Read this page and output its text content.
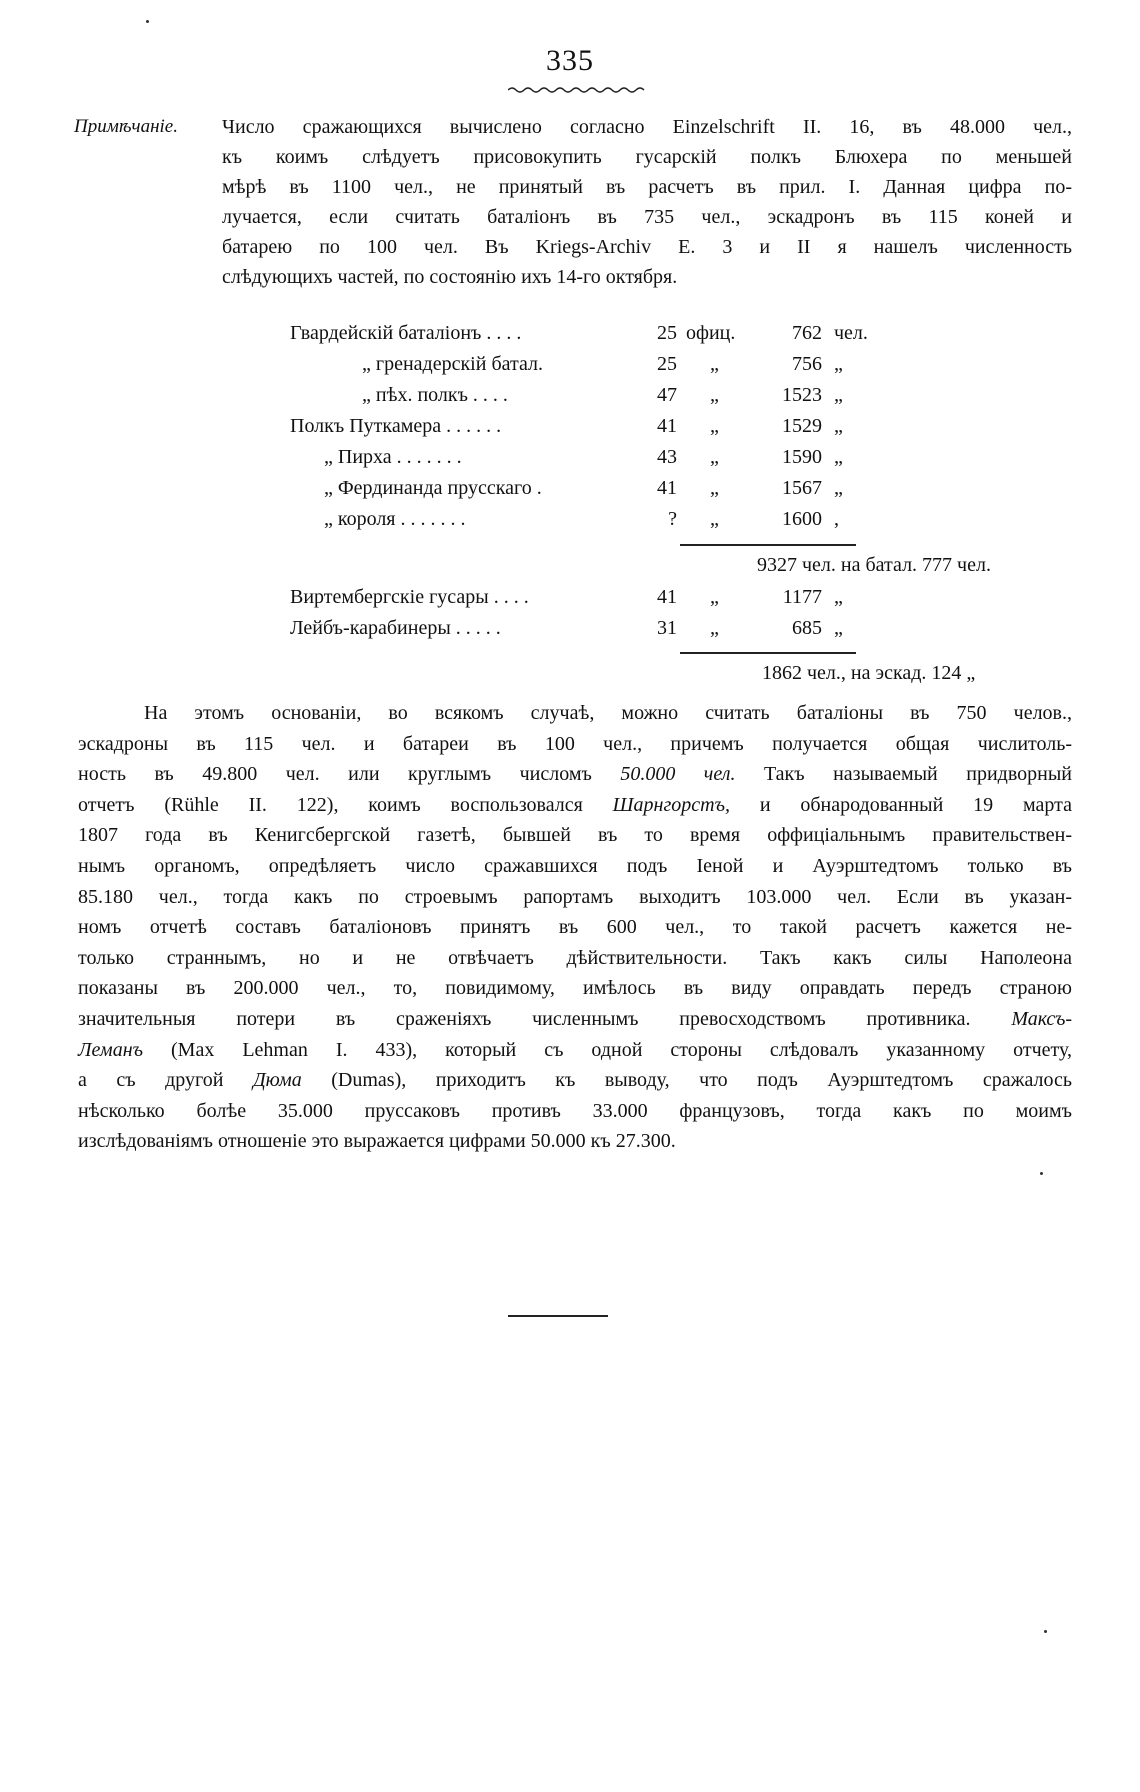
335
Примѣчаніе. Число сражающихся вычислено согласно Einzelschrift II. 16, въ 48.000 чел.,
къ коимъ слѣдуетъ присовокупить гусарскій полкъ Блюхера по меньшей
мѣрѣ въ 1100 чел., не принятый въ расчетъ въ прил. I. Данная цифра по-
лучается, если считать баталіонъ въ 735 чел., эскадронъ въ 115 коней и
батарею по 100 чел. Въ Kriegs-Archiv E. 3 и II я нашелъ численность
слѣдующихъ частей, по состоянію ихъ 14-го октября.
Гвардейскій баталіонъ . . . .	25 офиц.	762 чел.
„ гренадерскій батал.	25 „	756 „
„ пѣх. полкъ . . . .	47 „	1523 „
Полкъ Путкамера . . . . . .	41 „	1529 „
„ Пирха . . . . . . .	43 „	1590 „
„ Фердинанда прусскаго .	41 „	1567 „
„ короля . . . . . . .	? „	1600 ,
9327 чел. на батал. 777 чел.
Виртембергскіе гусары . . . .	41 „	1177 „
Лейбъ-карабинеры . . . . .	31 „	685 „
1862 чел., на эскад. 124 „
На этомъ основаніи, во всякомъ случаѣ, можно считать баталіоны въ 750 челов.,
эскадроны въ 115 чел. и батареи въ 100 чел., причемъ получается общая числитоль-
ность въ 49.800 чел. или круглымъ числомъ 50.000 чел. Такъ называемый придворный
отчетъ (Rühle II. 122), коимъ воспользовался Шарнгорстъ, и обнародованный 19 марта
1807 года въ Кенигсбергской газетѣ, бывшей въ то время оффиціальнымъ правительствен-
нымъ органомъ, опредѣляетъ число сражавшихся подъ Іеной и Ауэрштедтомъ только въ
85.180 чел., тогда какъ по строевымъ рапортамъ выходитъ 103.000 чел. Если въ указан-
номъ отчетѣ составъ баталіоновъ принятъ въ 600 чел., то такой расчетъ кажется не-
только страннымъ, но и не отвѣчаетъ дѣйствительности. Такъ какъ силы Наполеона
показаны въ 200.000 чел., то, повидимому, имѣлось въ виду оправдать передъ страною
значительныя потери въ сраженіяхъ численнымъ превосходствомъ противника. Максъ-
Леманъ (Max Lehman I. 433), который съ одной стороны слѣдовалъ указанному отчету,
а съ другой Дюма (Dumas), приходитъ къ выводу, что подъ Ауэрштедтомъ сражалось
нѣсколько болѣе 35.000 пруссаковъ противъ 33.000 французовъ, тогда какъ по моимъ
изслѣдованіямъ отношеніе это выражается цифрами 50.000 къ 27.300.
